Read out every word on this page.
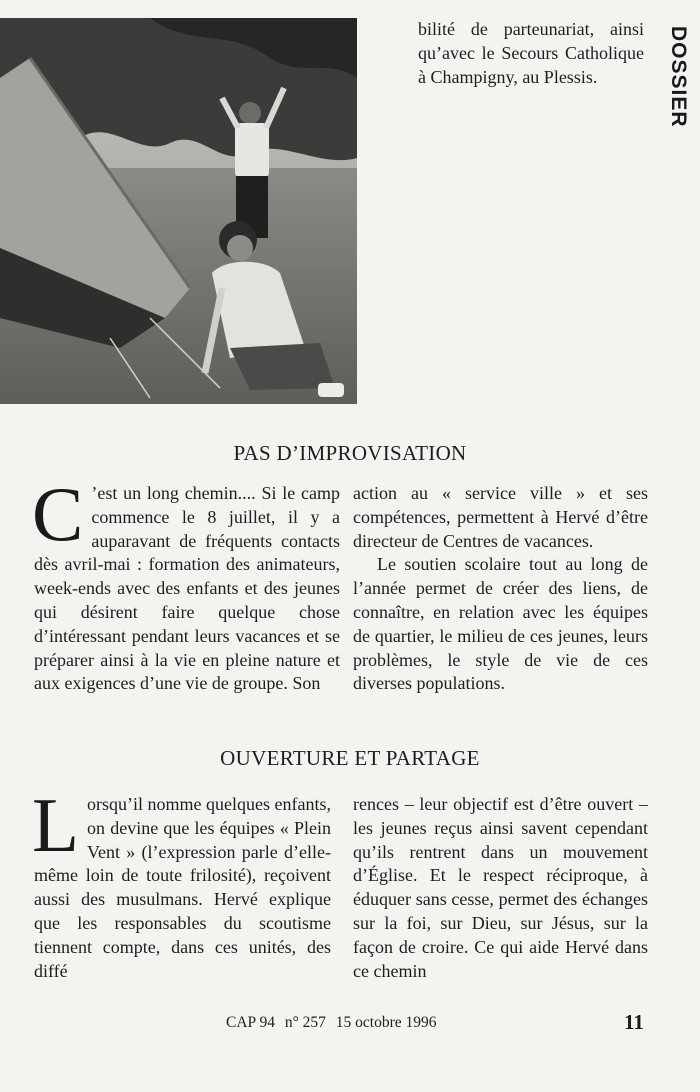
DOSSIER

bilité de parteunariat, ainsi qu’avec le Secours Catholique à Champigny, au Plessis.

PAS D’IMPROVISATION

C ’est un long chemin.... Si le camp commence le 8 juillet, il y a auparavant de fréquents contacts dès avril-mai : formation des animateurs, week-ends avec des enfants et des jeunes qui désirent faire quelque chose d’intéressant pendant leurs vacances et se préparer ainsi à la vie en pleine nature et aux exigences d’une vie de groupe. Son

action au « service ville » et ses compétences, permettent à Hervé d’être directeur de Centres de vacances.

Le soutien scolaire tout au long de l’année permet de créer des liens, de connaître, en relation avec les équipes de quartier, le milieu de ces jeunes, leurs problèmes, le style de vie de ces diverses populations.

OUVERTURE ET PARTAGE

Lorsqu’il nomme quelques enfants, on devine que les équipes « Plein Vent » (l’expression parle d’elle-même loin de toute frilosité), reçoivent aussi des musulmans. Hervé explique que les responsables du scoutisme tiennent compte, dans ces unités, des diffé

rences – leur objectif est d’être ouvert – les jeunes reçus ainsi savent cependant qu’ils rentrent dans un mouvement d’Église. Et le respect réciproque, à éduquer sans cesse, permet des échanges sur la foi, sur Dieu, sur Jésus, sur la façon de croire. Ce qui aide Hervé dans ce chemin

CAP 94 n° 257 15 octobre 1996	11
